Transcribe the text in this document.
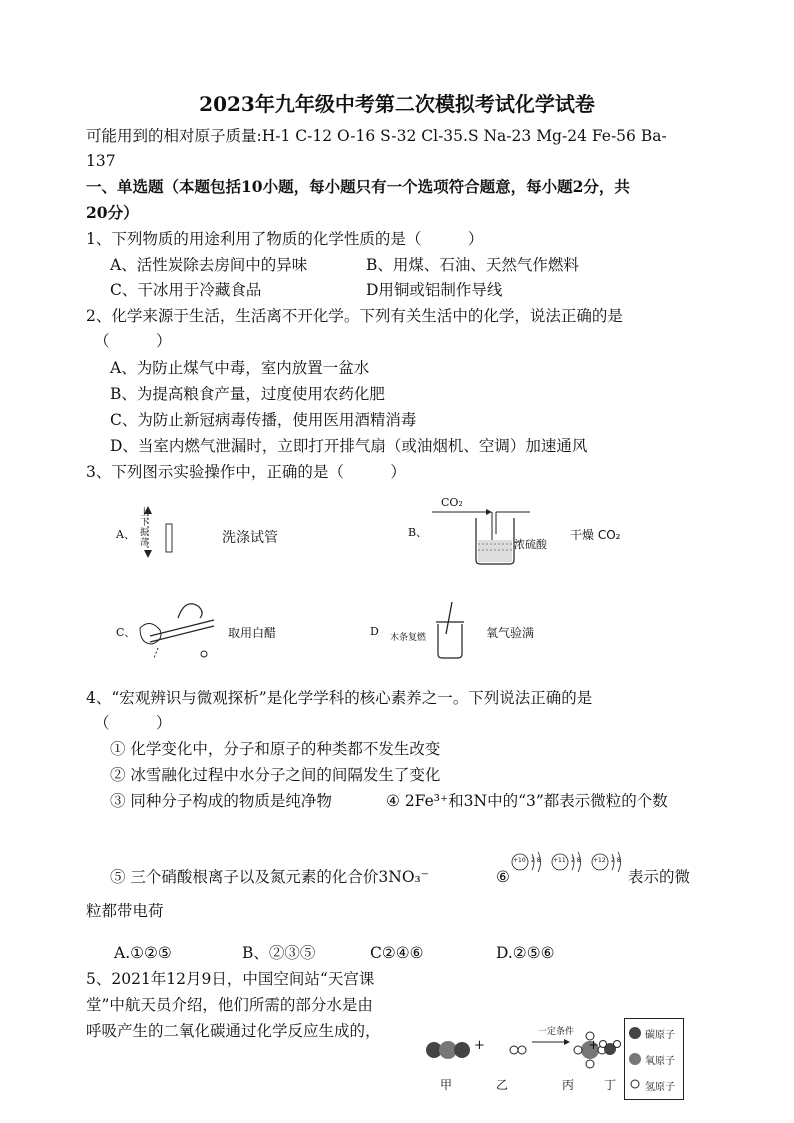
2023年九年级中考第二次模拟考试化学试卷
可能用到的相对原子质量:H-1 C-12 O-16 S-32 Cl-35.S Na-23 Mg-24 Fe-56 Ba-
137
一、单选题（本题包括10小题，每小题只有一个选项符合题意，每小题2分，共
20分）
1、下列物质的用途利用了物质的化学性质的是（　　　）
A、活性炭除去房间中的异味	B、用煤、石油、天然气作燃料
C、干冰用于冷藏食品	D用铜或铝制作导线
2、化学来源于生活，生活离不开化学。下列有关生活中的化学，说法正确的是
（　　　）
A、为防止煤气中毒，室内放置一盆水
B、为提高粮食产量，过度使用农药化肥
C、为防止新冠病毒传播，使用医用酒精消毒
D、当室内燃气泄漏时，立即打开排气扇（或油烟机、空调）加速通风
3、下列图示实验操作中，正确的是（　　　）
A、
上下振荡	洗涤试管	B、
CO₂
浓硫酸
干燥 CO₂
C、	取用白醋	D 木条复燃	氧气验满
4、“宏观辨识与微观探析”是化学学科的核心素养之一。下列说法正确的是
（　　　）
① 化学变化中，分子和原子的种类都不发生改变
② 冰雪融化过程中水分子之间的间隔发生了变化
③ 同种分子构成的物质是纯净物	④ 2Fe³⁺和3N中的“3”都表示微粒的个数
⑤ 三个硝酸根离子以及氮元素的化合价3NO₃⁻	⑥
+10	+11	+12
2 8	2 8	2 8
表示的微
粒都带电荷
A.①②⑤	B、②③⑤	C②④⑥	D.②⑤⑥
5、2021年12月9日，中国空间站“天宫课
堂”中航天员介绍，他们所需的部分水是由
呼吸产生的二氧化碳通过化学反应生成的，
+
一定条件
+
甲	乙	丙 丁
碳原子
氧原子
氢原子
